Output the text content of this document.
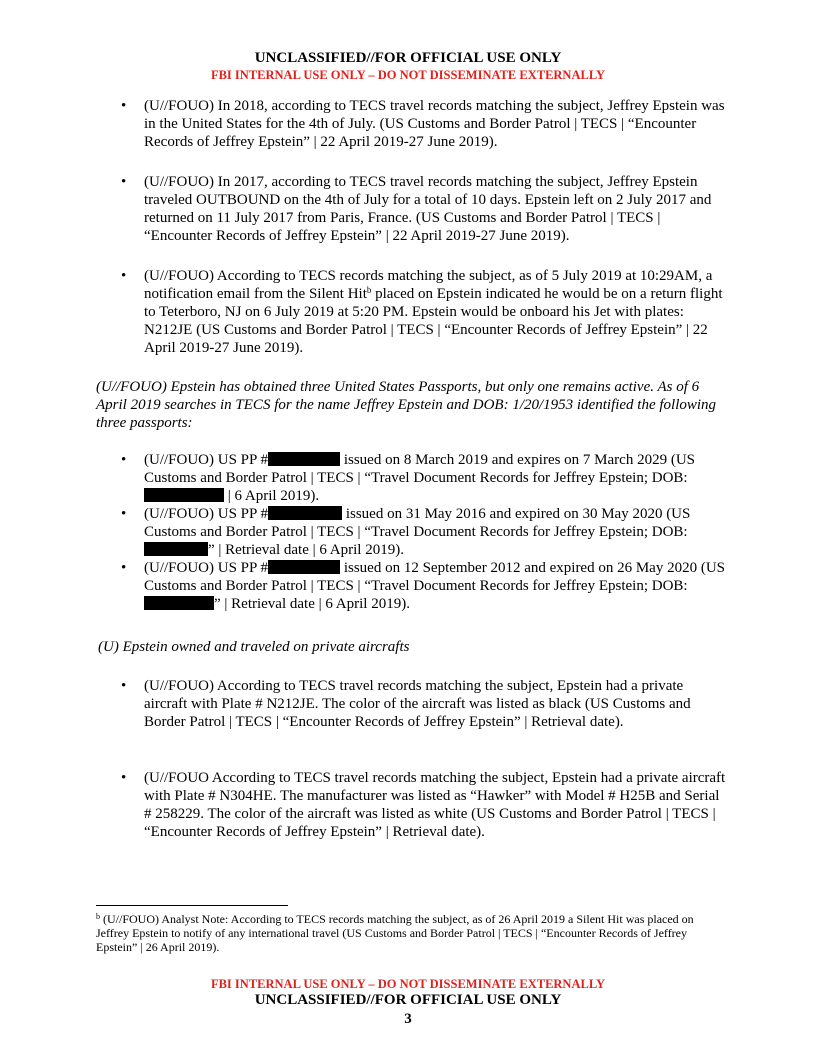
UNCLASSIFIED//FOR OFFICIAL USE ONLY
FBI INTERNAL USE ONLY – DO NOT DISSEMINATE EXTERNALLY
• (U//FOUO) In 2018, according to TECS travel records matching the subject, Jeffrey Epstein was in the United States for the 4th of July. (US Customs and Border Patrol | TECS | “Encounter Records of Jeffrey Epstein” | 22 April 2019-27 June 2019).
• (U//FOUO) In 2017, according to TECS travel records matching the subject, Jeffrey Epstein traveled OUTBOUND on the 4th of July for a total of 10 days. Epstein left on 2 July 2017 and returned on 11 July 2017 from Paris, France. (US Customs and Border Patrol | TECS | “Encounter Records of Jeffrey Epstein” | 22 April 2019-27 June 2019).
• (U//FOUO) According to TECS records matching the subject, as of 5 July 2019 at 10:29AM, a notification email from the Silent Hit$^b$ placed on Epstein indicated he would be on a return flight to Teterboro, NJ on 6 July 2019 at 5:20 PM. Epstein would be onboard his Jet with plates: N212JE (US Customs and Border Patrol | TECS | “Encounter Records of Jeffrey Epstein” | 22 April 2019-27 June 2019).

(U//FOUO) Epstein has obtained three United States Passports, but only one remains active. As of 6 April 2019 searches in TECS for the name Jeffrey Epstein and DOB: 1/20/1953 identified the following three passports:

• (U//FOUO) US PP #	issued on 8 March 2019 and expires on 7 March 2029 (US Customs and Border Patrol | TECS | “Travel Document Records for Jeffrey Epstein; DOB:  | 6 April 2019).
• (U//FOUO) US PP #	issued on 31 May 2016 and expired on 30 May 2020 (US Customs and Border Patrol | TECS | “Travel Document Records for Jeffrey Epstein; DOB: ” | Retrieval date | 6 April 2019).
• (U//FOUO) US PP #	issued on 12 September 2012 and expired on 26 May 2020 (US Customs and Border Patrol | TECS | “Travel Document Records for Jeffrey Epstein; DOB: ” | Retrieval date | 6 April 2019).

(U) Epstein owned and traveled on private aircrafts

• (U//FOUO) According to TECS travel records matching the subject, Epstein had a private aircraft with Plate # N212JE. The color of the aircraft was listed as black (US Customs and Border Patrol | TECS | “Encounter Records of Jeffrey Epstein” | Retrieval date).
• (U//FOUO According to TECS travel records matching the subject, Epstein had a private aircraft with Plate # N304HE. The manufacturer was listed as “Hawker” with Model # H25B and Serial # 258229. The color of the aircraft was listed as white (US Customs and Border Patrol | TECS | “Encounter Records of Jeffrey Epstein” | Retrieval date).

$^b$ (U//FOUO) Analyst Note: According to TECS records matching the subject, as of 26 April 2019 a Silent Hit was placed on Jeffrey Epstein to notify of any international travel (US Customs and Border Patrol | TECS | “Encounter Records of Jeffrey Epstein” | 26 April 2019).

FBI INTERNAL USE ONLY – DO NOT DISSEMINATE EXTERNALLY
UNCLASSIFIED//FOR OFFICIAL USE ONLY
3
